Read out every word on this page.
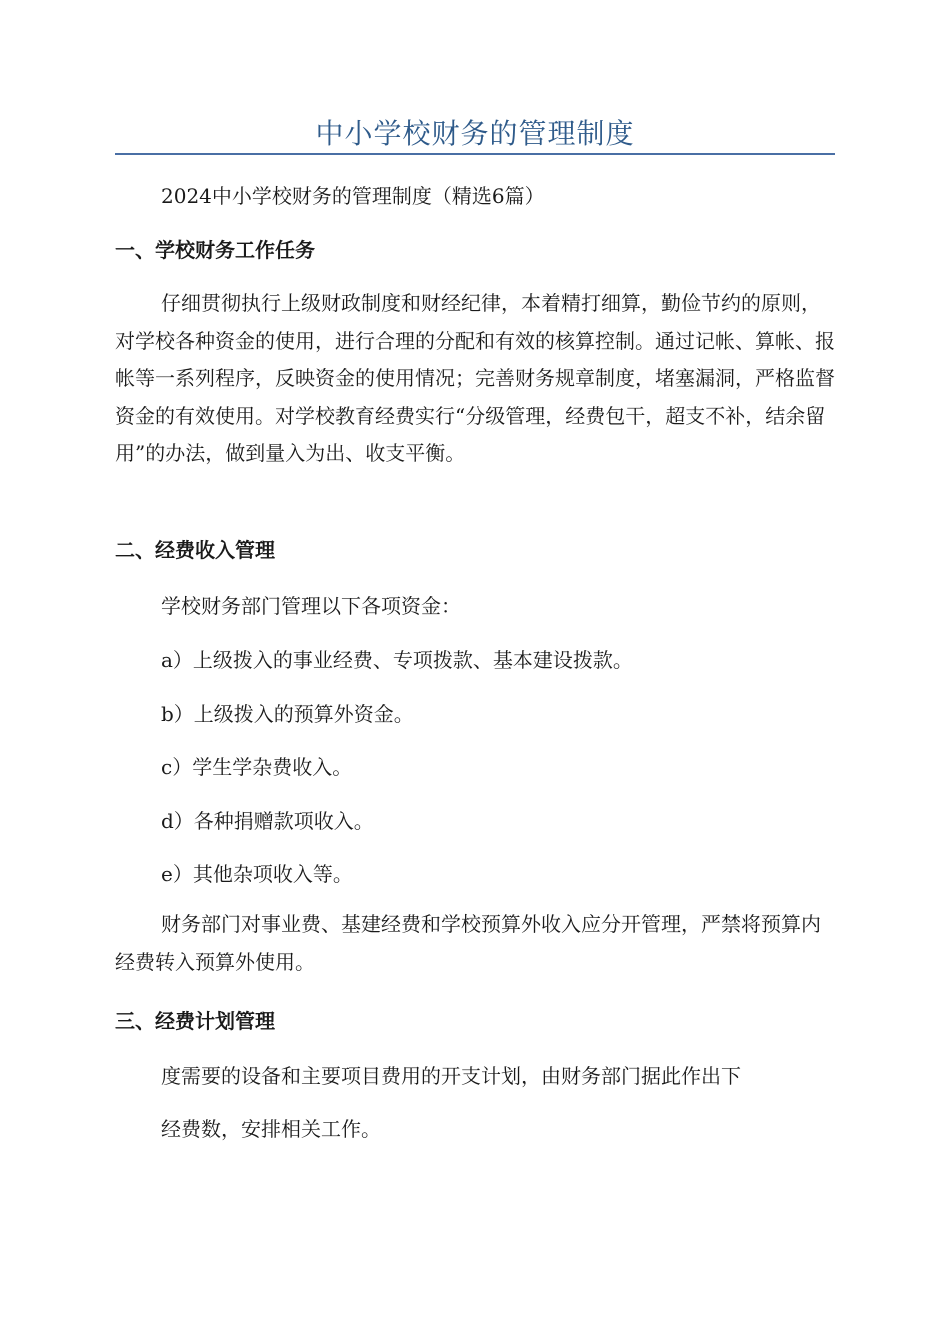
中小学校财务的管理制度
2024中小学校财务的管理制度（精选6篇）
一、学校财务工作任务
仔细贯彻执行上级财政制度和财经纪律，本着精打细算，勤俭节约的原则，对学校各种资金的使用，进行合理的分配和有效的核算控制。通过记帐、算帐、报帐等一系列程序，反映资金的使用情况；完善财务规章制度，堵塞漏洞，严格监督资金的有效使用。对学校教育经费实行“分级管理，经费包干，超支不补，结余留用”的办法，做到量入为出、收支平衡。
二、经费收入管理
学校财务部门管理以下各项资金：
a）上级拨入的事业经费、专项拨款、基本建设拨款。
b）上级拨入的预算外资金。
c）学生学杂费收入。
d）各种捐赠款项收入。
e）其他杂项收入等。
财务部门对事业费、基建经费和学校预算外收入应分开管理，严禁将预算内经费转入预算外使用。
三、经费计划管理
度需要的设备和主要项目费用的开支计划，由财务部门据此作出下
经费数，安排相关工作。
